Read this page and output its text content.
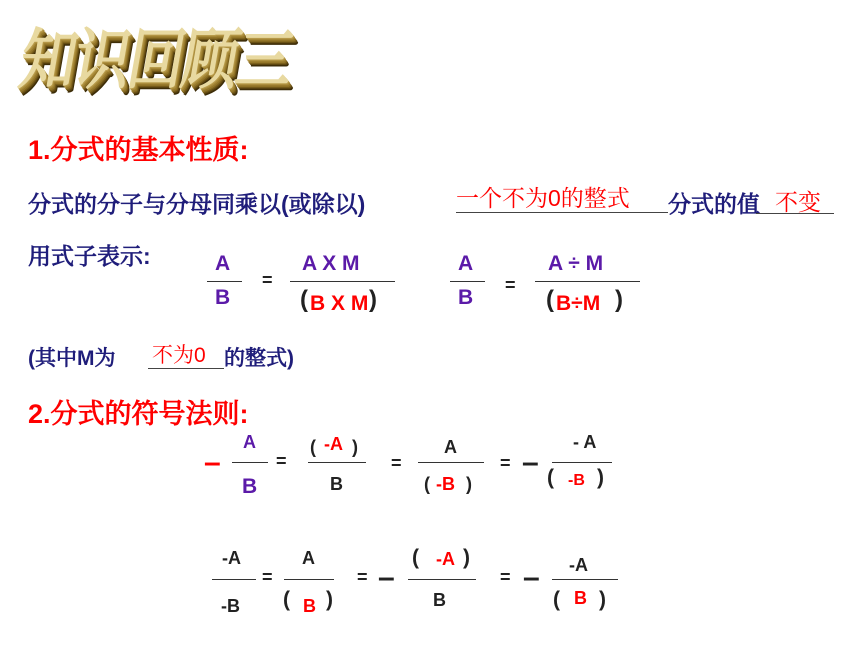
知识回顾三
1.分式的基本性质:
分式的分子与分母同乘以(或除以)	一个不为0的整式 分式的值 不变
用式子表示:	A
B
=
A X M
( B X M )
A
B
=
A ÷ M
( B÷M )
(其中M为 不为0 的整式)
2.分式的符号法则:
–
A
B
=
( -A )
B
=
A
( -B )
= –
- A
( -B )
-A
-B
=
A
( B )
= –
( -A )
B
= – -A
( B )
